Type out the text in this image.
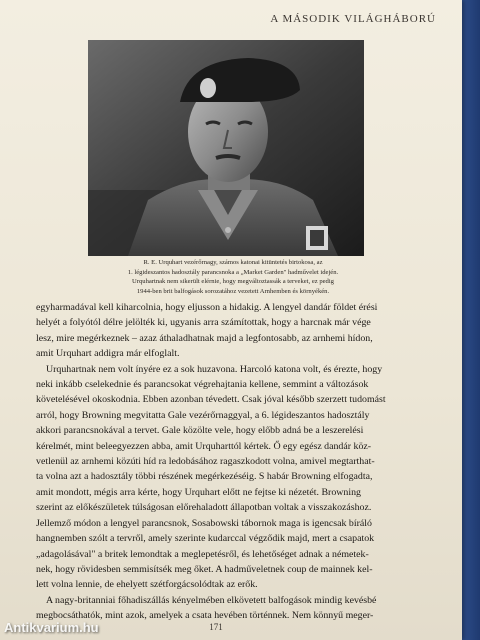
A MÁSODIK VILÁGHÁBORÚ
R. E. Urquhart vezérőrnagy, számos katonai kitüntetés birtokosa, az
1. légideszantos hadosztály parancsnoka a „Market Garden" hadművelet idején.
Urquhartnak nem sikerült elérnie, hogy megváltoztassák a terveket, ez pedig
1944-ben brit balfogások sorozatához vezetett Arnhemben és környékén.
egyharmadával kell kiharcolnia, hogy eljusson a hidakig. A lengyel dandár földet érési
helyét a folyótól délre jelölték ki, ugyanis arra számítottak, hogy a harcnak már vége
lesz, mire megérkeznek – azaz áthaladhatnak majd a legfontosabb, az arnhemi hídon,
amit Urquhart addigra már elfoglalt.
Urquhartnak nem volt ínyére ez a sok huzavona. Harcoló katona volt, és érezte, hogy
neki inkább cselekednie és parancsokat végrehajtania kellene, semmint a változások
követelésével okoskodnia. Ebben azonban tévedett. Csak jóval később szerzett tudomást
arról, hogy Browning megvitatta Gale vezérőrnaggyal, a 6. légideszantos hadosztály
akkori parancsnokával a tervet. Gale közölte vele, hogy előbb adná be a leszerelési
kérelmét, mint beleegyezzen abba, amit Urquharttól kértek. Ő egy egész dandár köz-
vetlenül az arnhemi közúti híd ra ledobásához ragaszkodott volna, amivel megtarthat-
ta volna azt a hadosztály többi részének megérkezéséig. S habár Browning elfogadta,
amit mondott, mégis arra kérte, hogy Urquhart előtt ne fejtse ki nézetét. Browning
szerint az előkészületek túlságosan előrehaladott állapotban voltak a visszakozáshoz.
Jellemző módon a lengyel parancsnok, Sosabowski tábornok maga is igencsak bíráló
hangnemben szólt a tervről, amely szerinte kudarccal végződik majd, mert a csapatok
„adagolásával" a britek lemondtak a meglepetésről, és lehetőséget adnak a németek-
nek, hogy rövidesben semmisítsék meg őket. A hadműveletnek coup de mainnek kel-
lett volna lennie, de ehelyett szétforgácsolódtak az erők.
A nagy-britanniai főhadiszállás kényelmében elkövetett balfogások mindig kevésbé
megbocsáthatók, mint azok, amelyek a csata hevében történnek. Nem könnyű meger-
171
Antikvarium.hu
